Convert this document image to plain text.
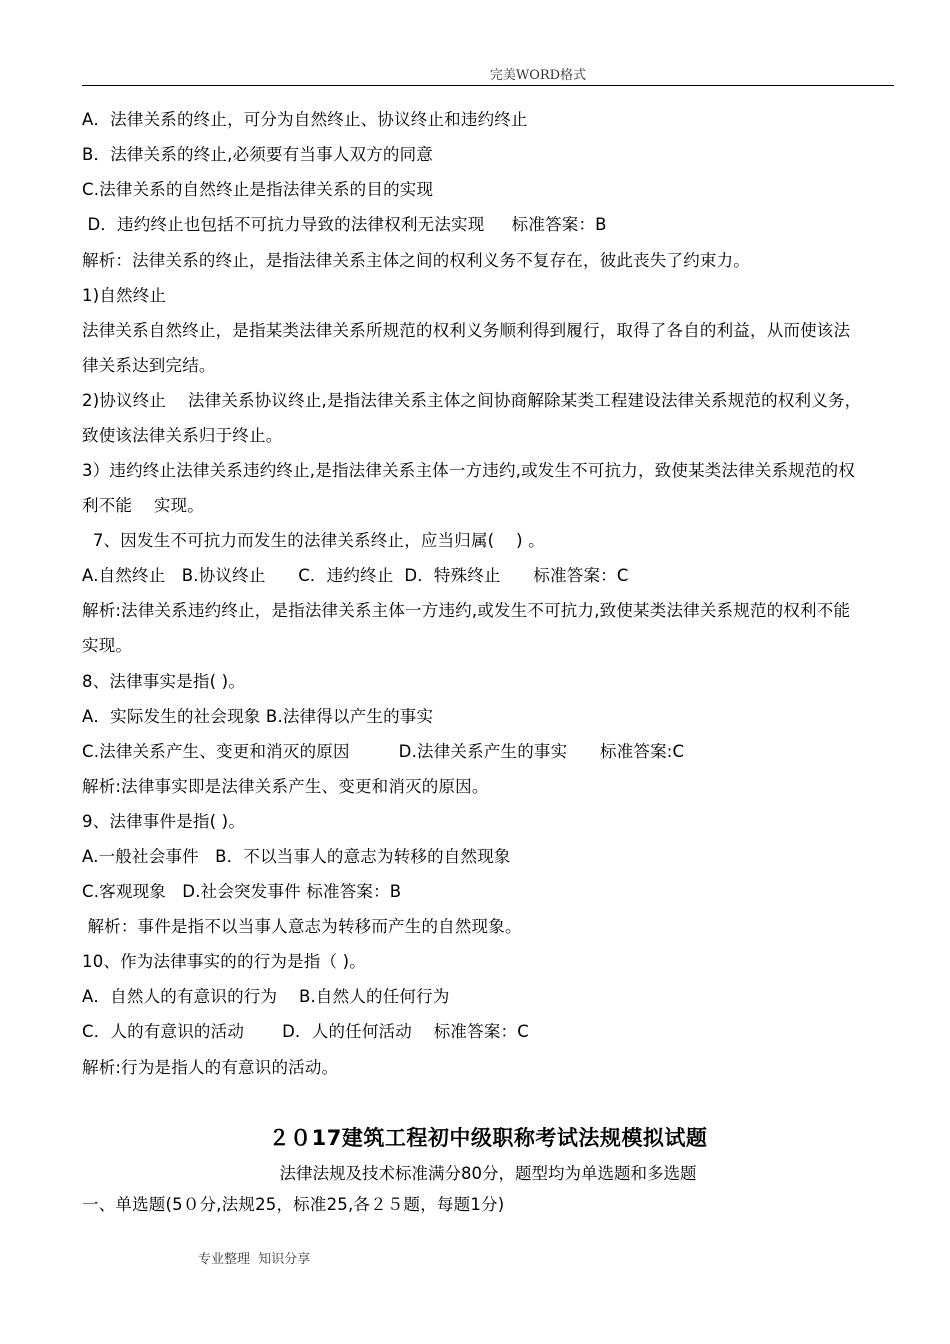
完美WORD格式
A．法律关系的终止，可分为自然终止、协议终止和违约终止
B．法律关系的终止,必须要有当事人双方的同意
C.法律关系的自然终止是指法律关系的目的实现
D．违约终止也包括不可抗力导致的法律权利无法实现     标准答案：B
解析：法律关系的终止，是指法律关系主体之间的权利义务不复存在，彼此丧失了约束力。
1)自然终止
法律关系自然终止，是指某类法律关系所规范的权利义务顺利得到履行，取得了各自的利益，从而使该法
律关系达到完结。
2)协议终止    法律关系协议终止,是指法律关系主体之间协商解除某类工程建设法律关系规范的权利义务，
致使该法律关系归于终止。
3）违约终止法律关系违约终止,是指法律关系主体一方违约,或发生不可抗力，致使某类法律关系规范的权
利不能    实现。
7、因发生不可抗力而发生的法律关系终止，应当归属(    ) 。
A.自然终止   B.协议终止      C．违约终止  D．特殊终止      标准答案：C
解析:法律关系违约终止，是指法律关系主体一方违约,或发生不可抗力,致使某类法律关系规范的权利不能
实现。
8、法律事实是指( )。
A．实际发生的社会现象 B.法律得以产生的事实
C.法律关系产生、变更和消灭的原因         D.法律关系产生的事实      标准答案:C
解析:法律事实即是法律关系产生、变更和消灭的原因。
9、法律事件是指( )。
A.一般社会事件   B．不以当事人的意志为转移的自然现象
C.客观现象   D.社会突发事件 标准答案：B
解析：事件是指不以当事人意志为转移而产生的自然现象。
10、作为法律事实的的行为是指（ )。
A．自然人的有意识的行为    B.自然人的任何行为
C．人的有意识的活动       D．人的任何活动    标准答案：C
解析:行为是指人的有意识的活动。
２０17建筑工程初中级职称考试法规模拟试题
法律法规及技术标准满分80分，题型均为单选题和多选题
一、单选题(5０分,法规25，标准25,各２５题，每题1分)
专业整理  知识分享
